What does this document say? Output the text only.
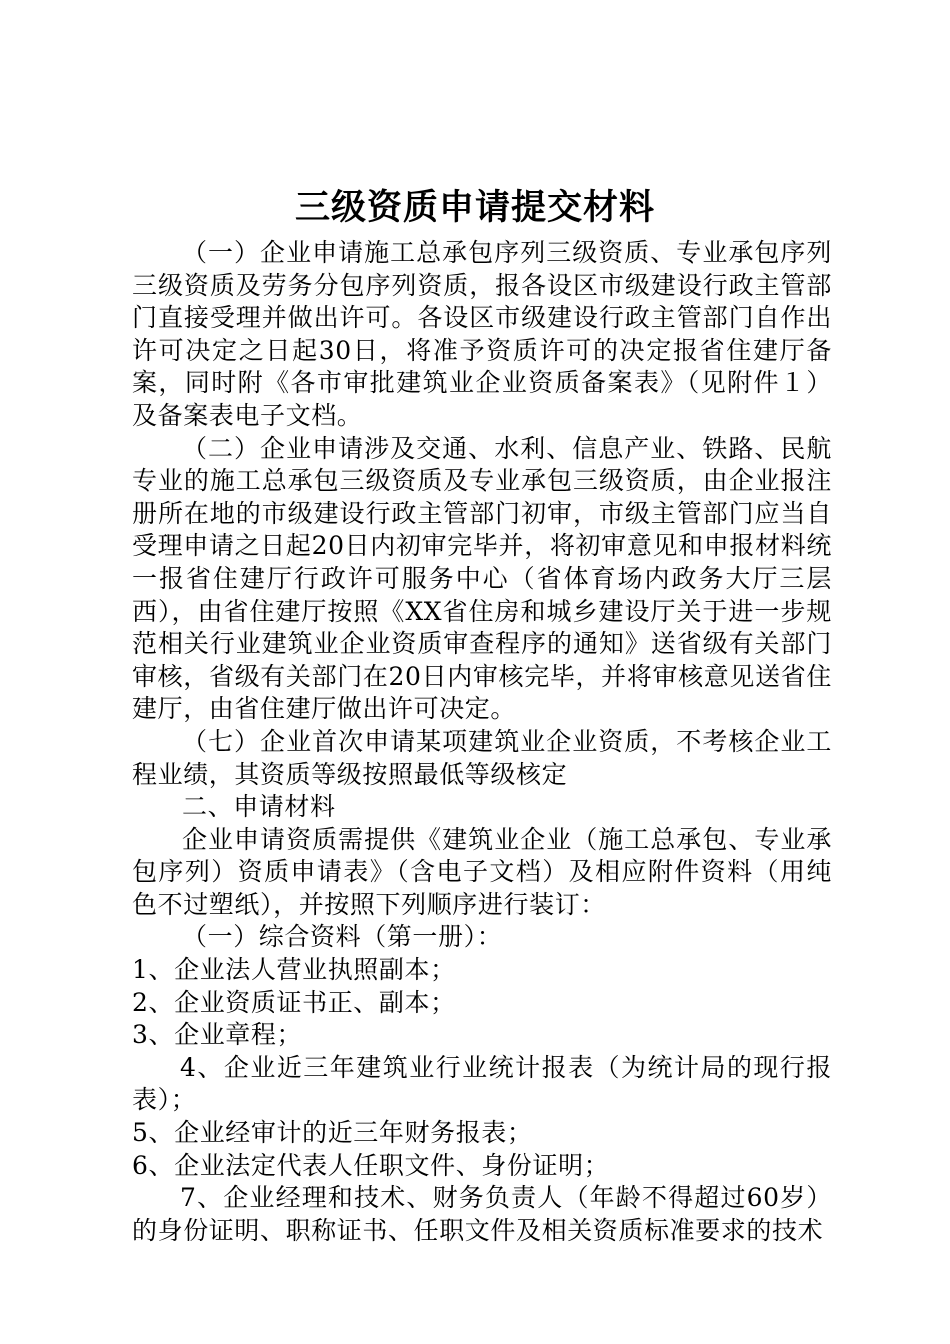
三级资质申请提交材料

（一）企业申请施工总承包序列三级资质、专业承包序列三级资质及劳务分包序列资质，报各设区市级建设行政主管部门直接受理并做出许可。各设区市级建设行政主管部门自作出许可决定之日起30日，将准予资质许可的决定报省住建厅备案，同时附《各市审批建筑业企业资质备案表》（见附件１）及备案表电子文档。

（二）企业申请涉及交通、水利、信息产业、铁路、民航专业的施工总承包三级资质及专业承包三级资质，由企业报注册所在地的市级建设行政主管部门初审，市级主管部门应当自受理申请之日起20日内初审完毕并，将初审意见和申报材料统一报省住建厅行政许可服务中心（省体育场内政务大厅三层西），由省住建厅按照《XX省住房和城乡建设厅关于进一步规范相关行业建筑业企业资质审查程序的通知》送省级有关部门审核，省级有关部门在20日内审核完毕，并将审核意见送省住建厅，由省住建厅做出许可决定。

（七）企业首次申请某项建筑业企业资质，不考核企业工程业绩，其资质等级按照最低等级核定

二、申请材料

企业申请资质需提供《建筑业企业（施工总承包、专业承包序列）资质申请表》（含电子文档）及相应附件资料（用纯色不过塑纸），并按照下列顺序进行装订：

（一）综合资料（第一册）：

1、企业法人营业执照副本；

2、企业资质证书正、副本；

3、企业章程；

4、企业近三年建筑业行业统计报表（为统计局的现行报表）；

5、企业经审计的近三年财务报表；

6、企业法定代表人任职文件、身份证明；

7、企业经理和技术、财务负责人（年龄不得超过60岁）的身份证明、职称证书、任职文件及相关资质标准要求的技术
